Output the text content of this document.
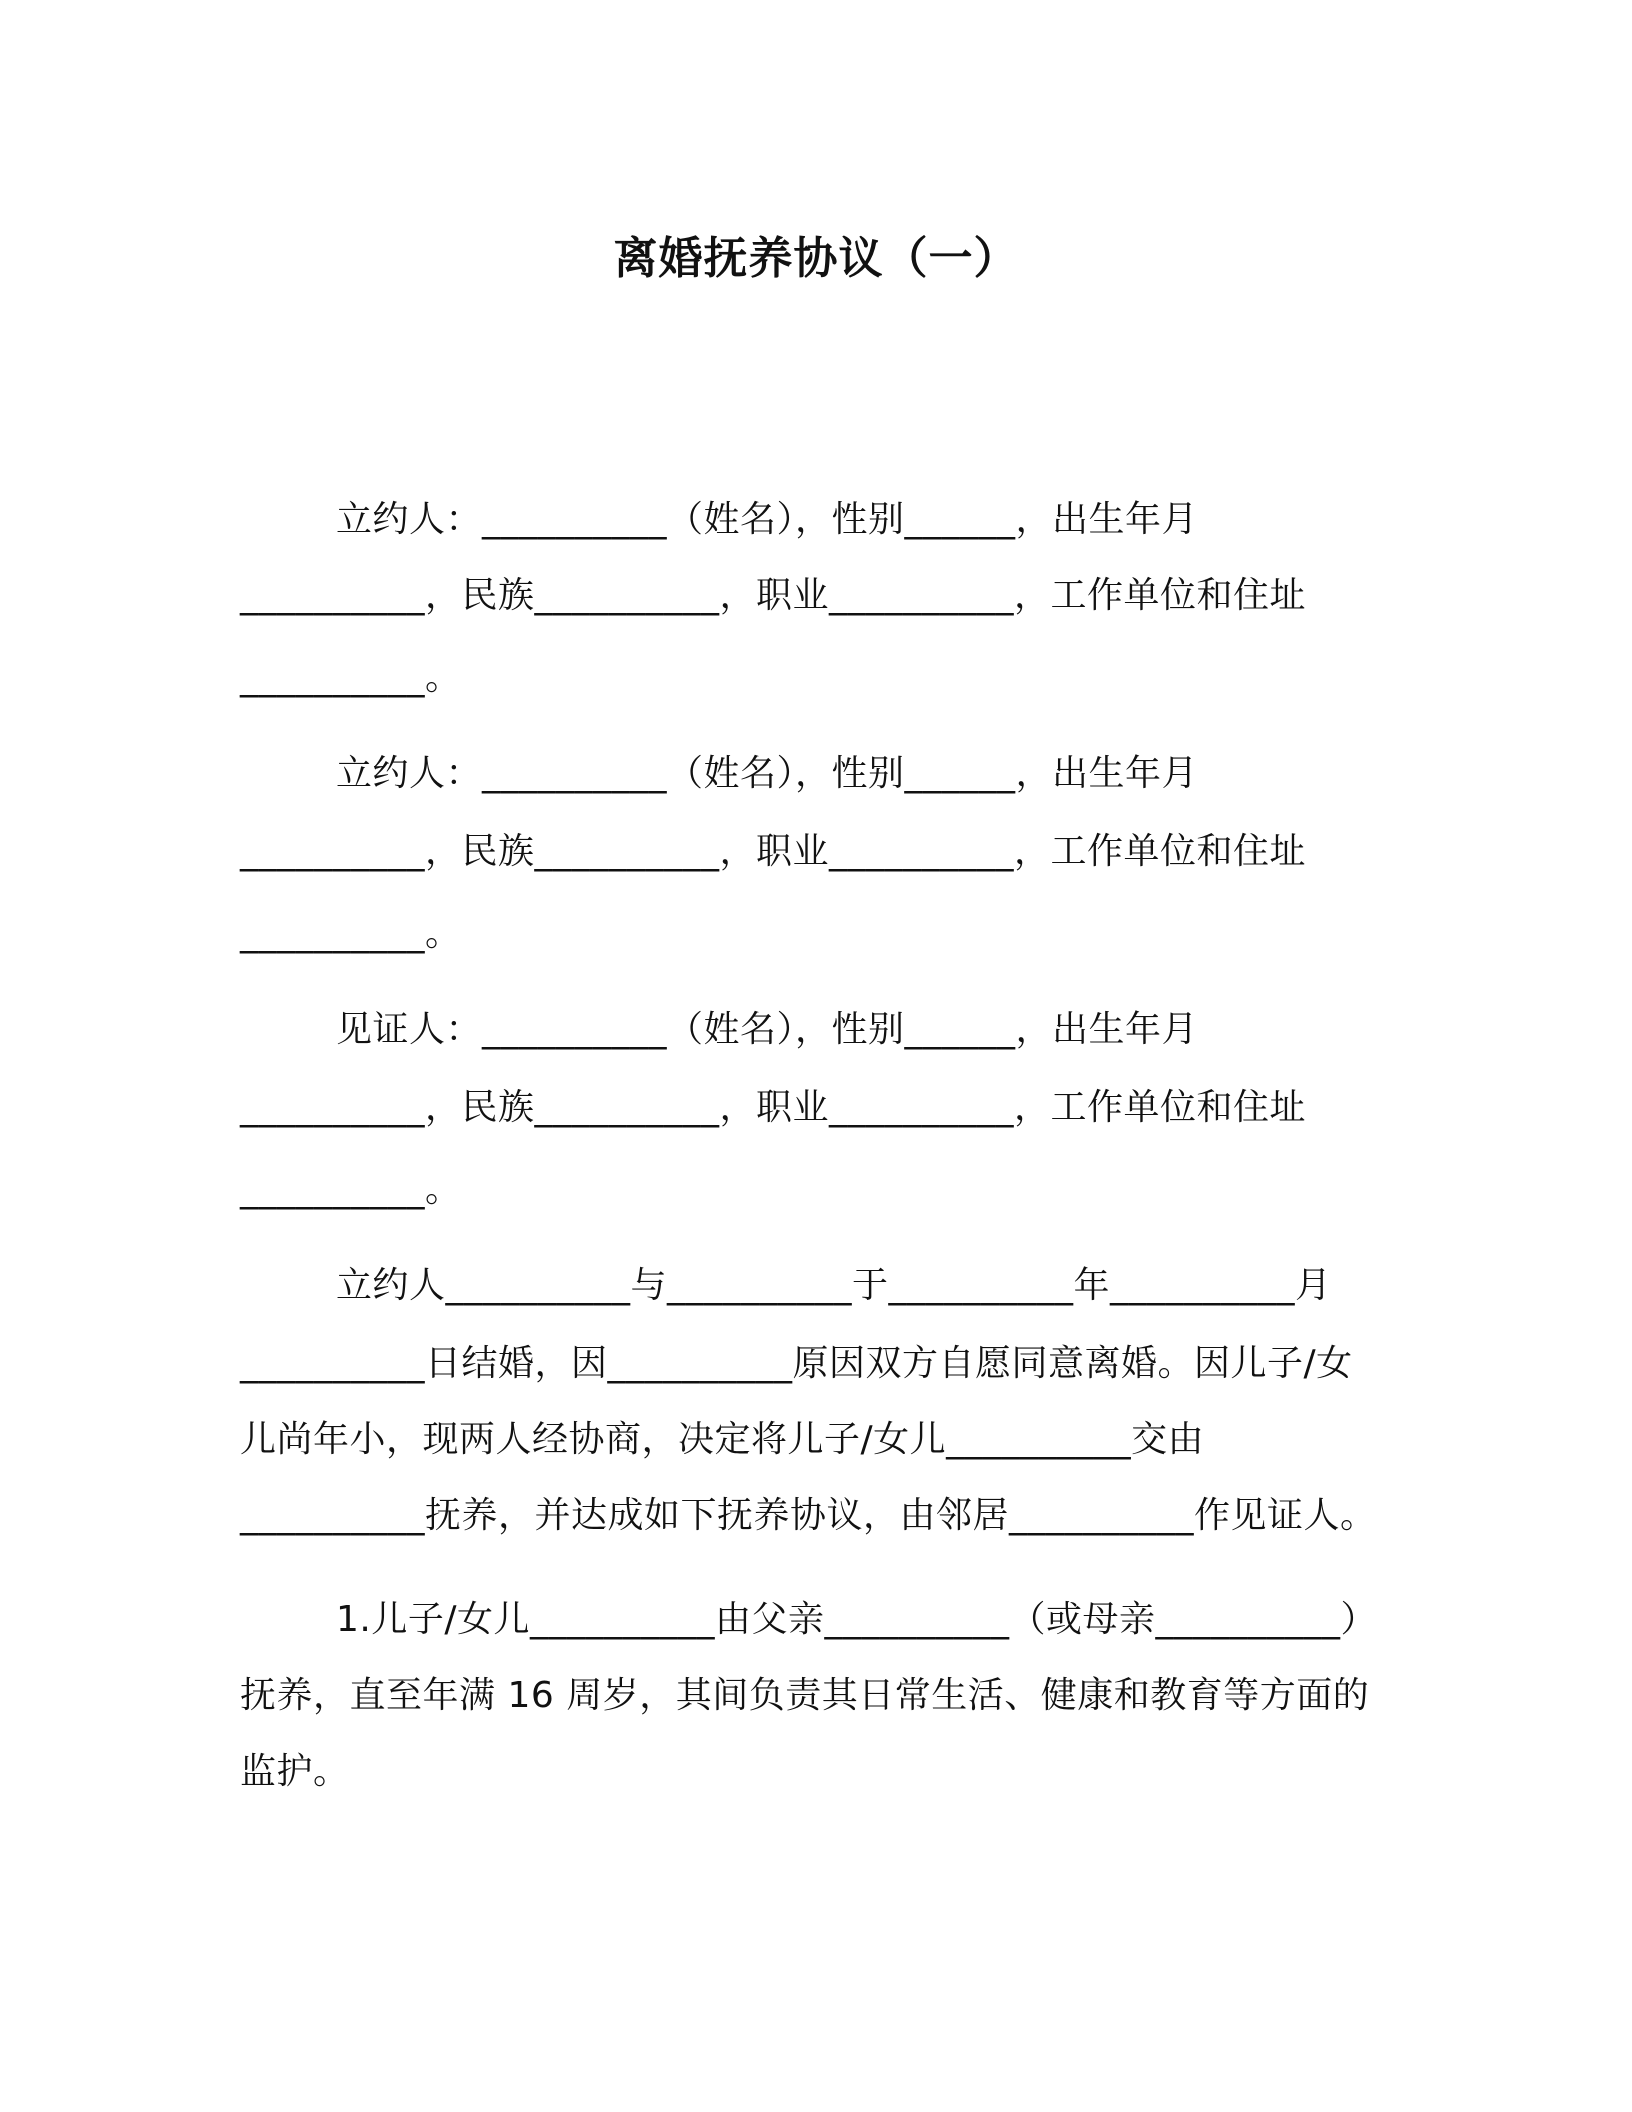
离婚抚养协议（一）
立约人：__________（姓名），性别______，出生年月
__________，民族__________，职业__________，工作单位和住址
__________。
立约人：__________（姓名），性别______，出生年月
__________，民族__________，职业__________，工作单位和住址
__________。
见证人：__________（姓名），性别______，出生年月
__________，民族__________，职业__________，工作单位和住址
__________。
立约人__________与__________于__________年__________月
__________日结婚，因__________原因双方自愿同意离婚。因儿子/女
儿尚年小，现两人经协商，决定将儿子/女儿__________交由
__________抚养，并达成如下抚养协议，由邻居__________作见证人。
1.儿子/女儿__________由父亲__________（或母亲__________）
抚养，直至年满 16 周岁，其间负责其日常生活、健康和教育等方面的
监护。
